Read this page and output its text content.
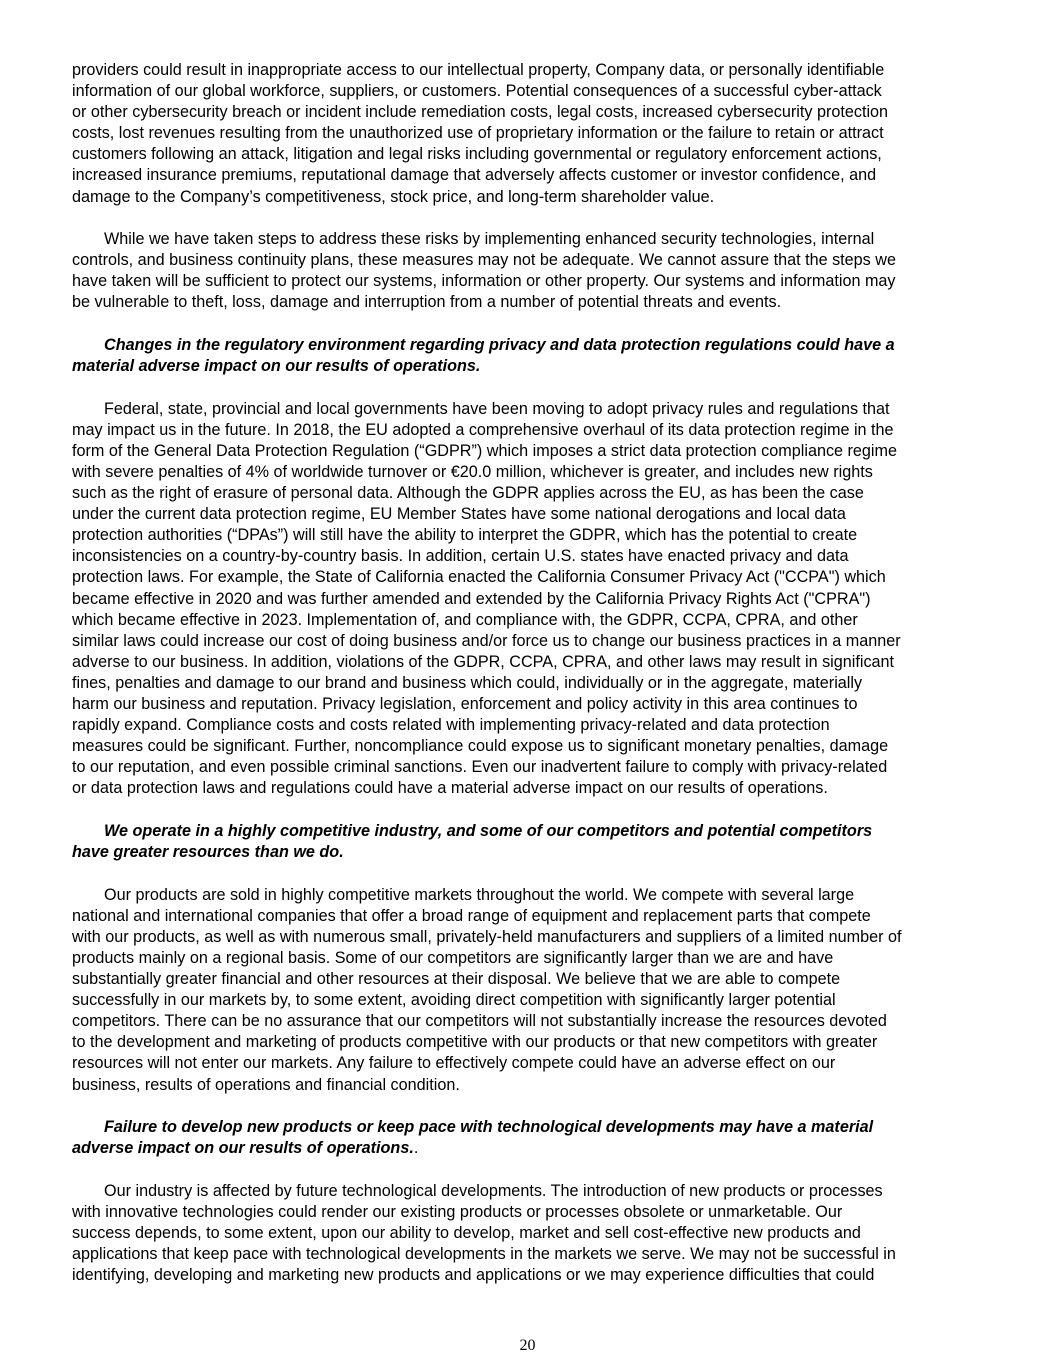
providers could result in inappropriate access to our intellectual property, Company data, or personally identifiable
information of our global workforce, suppliers, or customers. Potential consequences of a successful cyber-attack
or other cybersecurity breach or incident include remediation costs, legal costs, increased cybersecurity protection
costs, lost revenues resulting from the unauthorized use of proprietary information or the failure to retain or attract
customers following an attack, litigation and legal risks including governmental or regulatory enforcement actions,
increased insurance premiums, reputational damage that adversely affects customer or investor confidence, and
damage to the Company’s competitiveness, stock price, and long-term shareholder value.
While we have taken steps to address these risks by implementing enhanced security technologies, internal
controls, and business continuity plans, these measures may not be adequate. We cannot assure that the steps we
have taken will be sufficient to protect our systems, information or other property. Our systems and information may
be vulnerable to theft, loss, damage and interruption from a number of potential threats and events.
Changes in the regulatory environment regarding privacy and data protection regulations could have a
material adverse impact on our results of operations.
Federal, state, provincial and local governments have been moving to adopt privacy rules and regulations that
may impact us in the future. In 2018, the EU adopted a comprehensive overhaul of its data protection regime in the
form of the General Data Protection Regulation (“GDPR”) which imposes a strict data protection compliance regime
with severe penalties of 4% of worldwide turnover or €20.0 million, whichever is greater, and includes new rights
such as the right of erasure of personal data. Although the GDPR applies across the EU, as has been the case
under the current data protection regime, EU Member States have some national derogations and local data
protection authorities (“DPAs”) will still have the ability to interpret the GDPR, which has the potential to create
inconsistencies on a country-by-country basis. In addition, certain U.S. states have enacted privacy and data
protection laws. For example, the State of California enacted the California Consumer Privacy Act ("CCPA") which
became effective in 2020 and was further amended and extended by the California Privacy Rights Act ("CPRA")
which became effective in 2023. Implementation of, and compliance with, the GDPR, CCPA, CPRA, and other
similar laws could increase our cost of doing business and/or force us to change our business practices in a manner
adverse to our business. In addition, violations of the GDPR, CCPA, CPRA, and other laws may result in significant
fines, penalties and damage to our brand and business which could, individually or in the aggregate, materially
harm our business and reputation. Privacy legislation, enforcement and policy activity in this area continues to
rapidly expand. Compliance costs and costs related with implementing privacy-related and data protection
measures could be significant. Further, noncompliance could expose us to significant monetary penalties, damage
to our reputation, and even possible criminal sanctions. Even our inadvertent failure to comply with privacy-related
or data protection laws and regulations could have a material adverse impact on our results of operations.
We operate in a highly competitive industry, and some of our competitors and potential competitors
have greater resources than we do.
Our products are sold in highly competitive markets throughout the world. We compete with several large
national and international companies that offer a broad range of equipment and replacement parts that compete
with our products, as well as with numerous small, privately-held manufacturers and suppliers of a limited number of
products mainly on a regional basis. Some of our competitors are significantly larger than we are and have
substantially greater financial and other resources at their disposal. We believe that we are able to compete
successfully in our markets by, to some extent, avoiding direct competition with significantly larger potential
competitors. There can be no assurance that our competitors will not substantially increase the resources devoted
to the development and marketing of products competitive with our products or that new competitors with greater
resources will not enter our markets. Any failure to effectively compete could have an adverse effect on our
business, results of operations and financial condition.
Failure to develop new products or keep pace with technological developments may have a material
adverse impact on our results of operations..
Our industry is affected by future technological developments. The introduction of new products or processes
with innovative technologies could render our existing products or processes obsolete or unmarketable. Our
success depends, to some extent, upon our ability to develop, market and sell cost-effective new products and
applications that keep pace with technological developments in the markets we serve. We may not be successful in
identifying, developing and marketing new products and applications or we may experience difficulties that could
20
